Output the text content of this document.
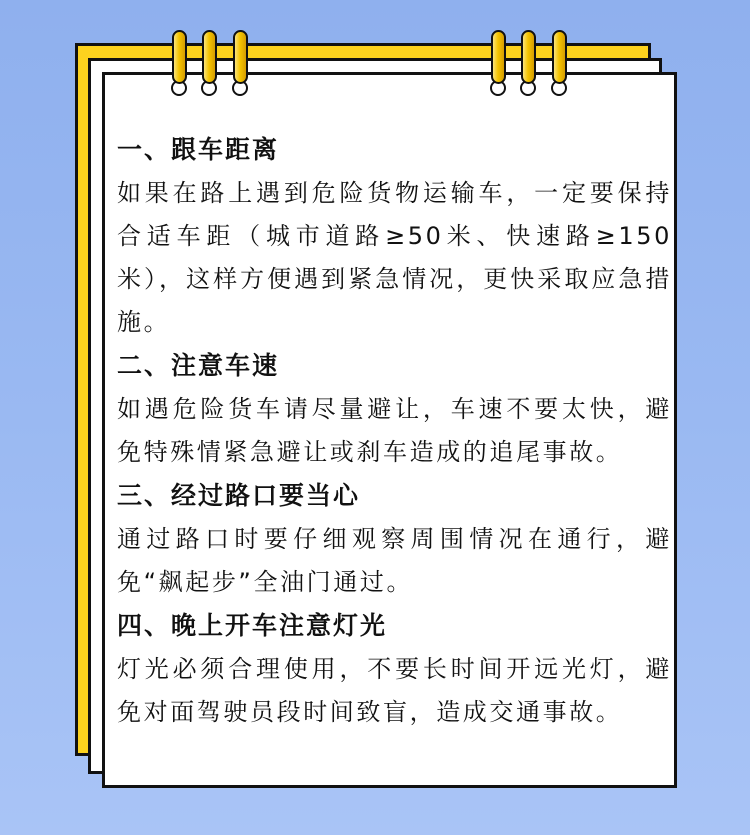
一、跟车距离
如果在路上遇到危险货物运输车，一定要保持合适车距（城市道路≥50米、快速路≥150米），这样方便遇到紧急情况，更快采取应急措施。
二、注意车速
如遇危险货车请尽量避让，车速不要太快，避免特殊情紧急避让或刹车造成的追尾事故。
三、经过路口要当心
通过路口时要仔细观察周围情况在通行，避免“飙起步”全油门通过。
四、晚上开车注意灯光
灯光必须合理使用，不要长时间开远光灯，避免对面驾驶员段时间致盲，造成交通事故。
